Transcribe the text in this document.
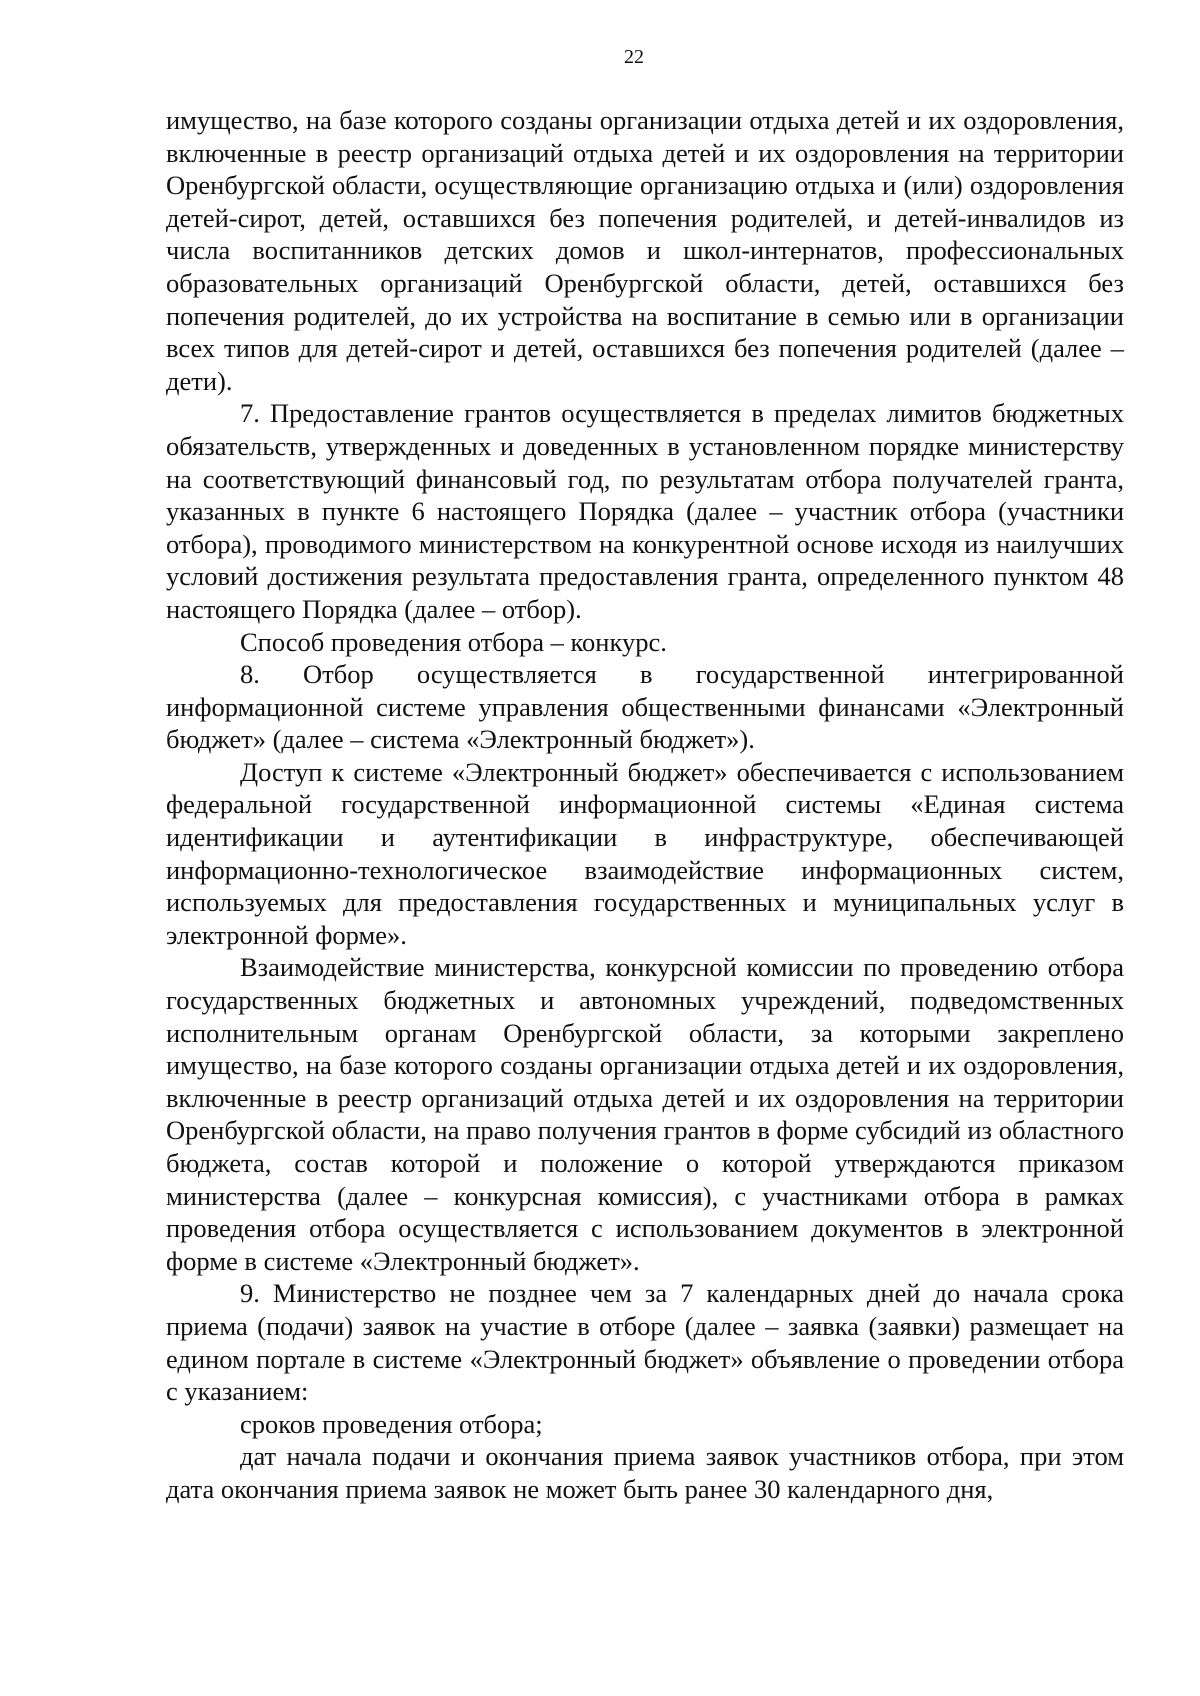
22

имущество, на базе которого созданы организации отдыха детей и их оздоровления, включенные в реестр организаций отдыха детей и их оздоровления на территории Оренбургской области, осуществляющие организацию отдыха и (или) оздоровления детей-сирот, детей, оставшихся без попечения родителей, и детей-инвалидов из числа воспитанников детских домов и школ-интернатов, профессиональных образовательных организаций Оренбургской области, детей, оставшихся без попечения родителей, до их устройства на воспитание в семью или в организации всех типов для детей-сирот и детей, оставшихся без попечения родителей (далее – дети).

7. Предоставление грантов осуществляется в пределах лимитов бюджетных обязательств, утвержденных и доведенных в установленном порядке министерству на соответствующий финансовый год, по результатам отбора получателей гранта, указанных в пункте 6 настоящего Порядка (далее – участник отбора (участники отбора), проводимого министерством на конкурентной основе исходя из наилучших условий достижения результата предоставления гранта, определенного пунктом 48 настоящего Порядка (далее – отбор).

Способ проведения отбора – конкурс.

8. Отбор осуществляется в государственной интегрированной информационной системе управления общественными финансами «Электронный бюджет» (далее – система «Электронный бюджет»).

Доступ к системе «Электронный бюджет» обеспечивается с использованием федеральной государственной информационной системы «Единая система идентификации и аутентификации в инфраструктуре, обеспечивающей информационно-технологическое взаимодействие информационных систем, используемых для предоставления государственных и муниципальных услуг в электронной форме».

Взаимодействие министерства, конкурсной комиссии по проведению отбора государственных бюджетных и автономных учреждений, подведомственных исполнительным органам Оренбургской области, за которыми закреплено имущество, на базе которого созданы организации отдыха детей и их оздоровления, включенные в реестр организаций отдыха детей и их оздоровления на территории Оренбургской области, на право получения грантов в форме субсидий из областного бюджета, состав которой и положение о которой утверждаются приказом министерства (далее – конкурсная комиссия), с участниками отбора в рамках проведения отбора осуществляется с использованием документов в электронной форме в системе «Электронный бюджет».

9. Министерство не позднее чем за 7 календарных дней до начала срока приема (подачи) заявок на участие в отборе (далее – заявка (заявки) размещает на едином портале в системе «Электронный бюджет» объявление о проведении отбора с указанием:

сроков проведения отбора;

дат начала подачи и окончания приема заявок участников отбора, при этом дата окончания приема заявок не может быть ранее 30 календарного дня,
